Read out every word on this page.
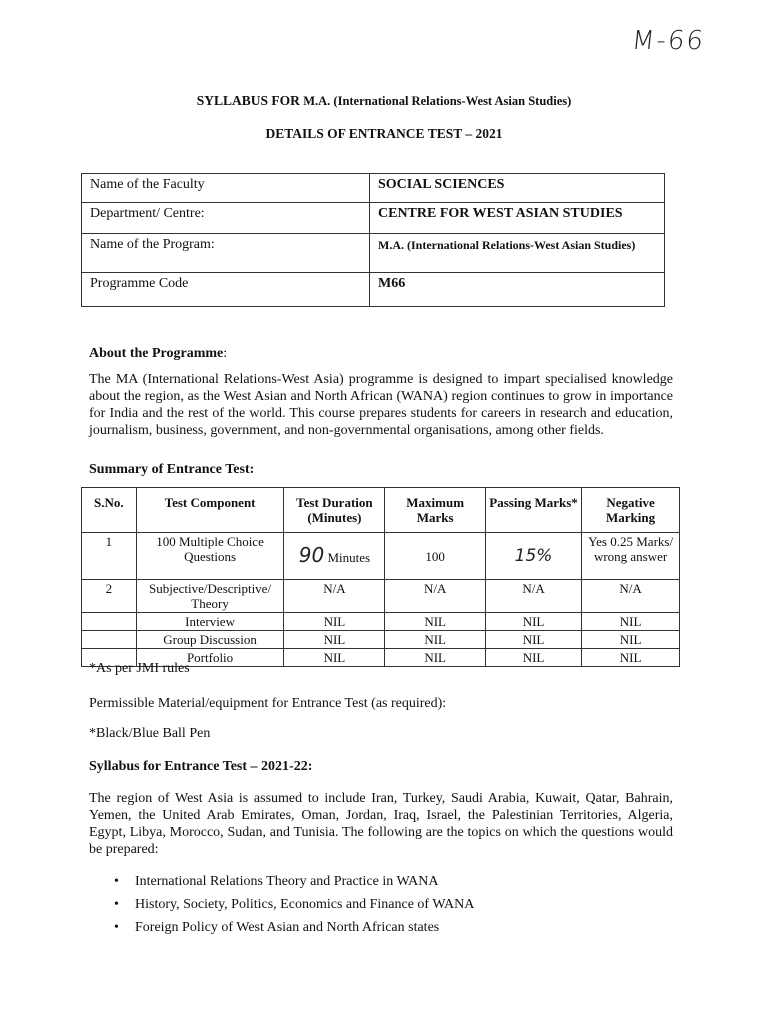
M-66
SYLLABUS FOR M.A. (International Relations-West Asian Studies)
DETAILS OF ENTRANCE TEST – 2021
Name of the Faculty	SOCIAL SCIENCES
Department/ Centre:	CENTRE FOR WEST ASIAN STUDIES
Name of the Program:	M.A. (International Relations-West Asian Studies)
Programme Code	M66
About the Programme:
The MA (International Relations-West Asia) programme is designed to impart specialised knowledge about the region, as the West Asian and North African (WANA) region continues to grow in importance for India and the rest of the world. This course prepares students for careers in research and education, journalism, business, government, and non-governmental organisations, among other fields.
Summary of Entrance Test:
S.No.	Test Component	Test Duration (Minutes)	Maximum Marks	Passing Marks*	Negative Marking
1	100 Multiple Choice Questions	90 Minutes	100	15%	Yes 0.25 Marks/ wrong answer
2	Subjective/Descriptive/ Theory	N/A	N/A	N/A	N/A
	Interview	NIL	NIL	NIL	NIL
	Group Discussion	NIL	NIL	NIL	NIL
	Portfolio	NIL	NIL	NIL	NIL
*As per JMI rules
Permissible Material/equipment for Entrance Test (as required):
*Black/Blue Ball Pen
Syllabus for Entrance Test – 2021-22:
The region of West Asia is assumed to include Iran, Turkey, Saudi Arabia, Kuwait, Qatar, Bahrain, Yemen, the United Arab Emirates, Oman, Jordan, Iraq, Israel, the Palestinian Territories, Algeria, Egypt, Libya, Morocco, Sudan, and Tunisia. The following are the topics on which the questions would be prepared:
• International Relations Theory and Practice in WANA
• History, Society, Politics, Economics and Finance of WANA
• Foreign Policy of West Asian and North African states
